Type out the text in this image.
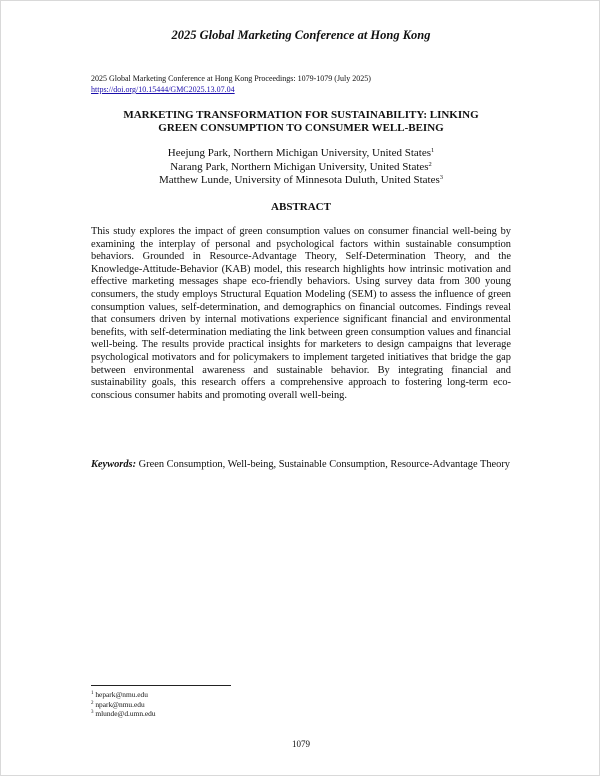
2025 Global Marketing Conference at Hong Kong
2025 Global Marketing Conference at Hong Kong Proceedings: 1079-1079 (July 2025)
https://doi.org/10.15444/GMC2025.13.07.04
MARKETING TRANSFORMATION FOR SUSTAINABILITY: LINKING
GREEN CONSUMPTION TO CONSUMER WELL-BEING
Heejung Park, Northern Michigan University, United States$^1$
Narang Park, Northern Michigan University, United States$^2$
Matthew Lunde, University of Minnesota Duluth, United States$^3$
ABSTRACT
This study explores the impact of green consumption values on consumer financial well-being by examining the interplay of personal and psychological factors within sustainable consumption behaviors. Grounded in Resource-Advantage Theory, Self-Determination Theory, and the Knowledge-Attitude-Behavior (KAB) model, this research highlights how intrinsic motivation and effective marketing messages shape eco-friendly behaviors. Using survey data from 300 young consumers, the study employs Structural Equation Modeling (SEM) to assess the influence of green consumption values, self-determination, and demographics on financial outcomes. Findings reveal that consumers driven by internal motivations experience significant financial and environmental benefits, with self-determination mediating the link between green consumption values and financial well-being. The results provide practical insights for marketers to design campaigns that leverage psychological motivators and for policymakers to implement targeted initiatives that bridge the gap between environmental awareness and sustainable behavior. By integrating financial and sustainability goals, this research offers a comprehensive approach to fostering long-term eco-conscious consumer habits and promoting overall well-being.
Keywords: Green Consumption, Well-being, Sustainable Consumption, Resource-Advantage Theory
$^1$ hepark@nmu.edu
$^2$ npark@nmu.edu
$^3$ mlunde@d.umn.edu
1079
